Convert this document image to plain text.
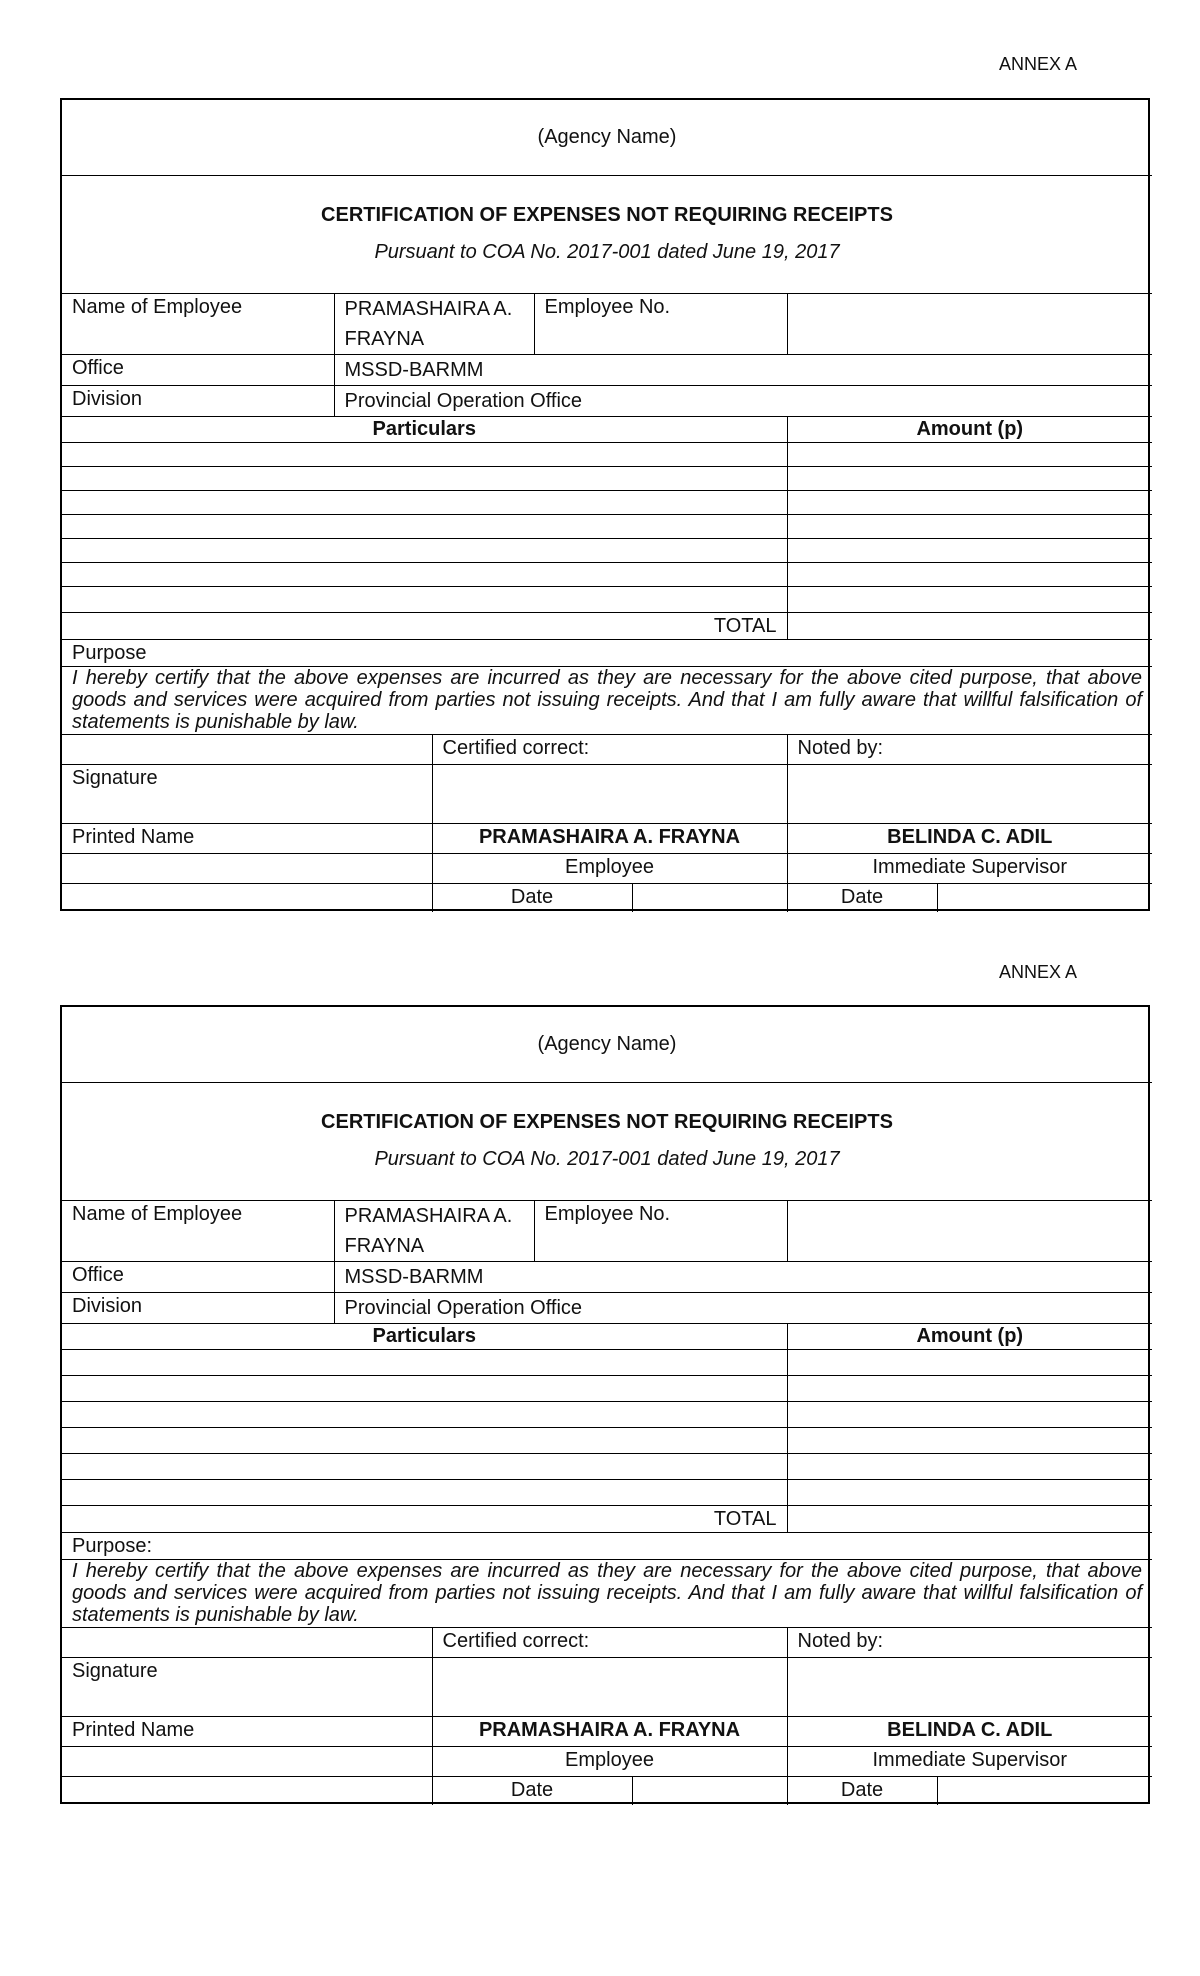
ANNEX A
(Agency Name)						

CERTIFICATION OF EXPENSES NOT REQUIRING RECEIPTS
Pursuant to COA No. 2017-001 dated June 19, 2017						

Name of Employee	PRAMASHAIRA A. FRAYNA		Employee No.			
Office	MSSD-BARMM					
Division	Provincial Operation Office					
Particulars					Amount (p)	

TOTAL						
Purpose						
I hereby certify that the above expenses are incurred as they are necessary for the above cited purpose, that above goods and services were acquired from parties not issuing receipts. And that I am fully aware that willful falsification of statements is punishable by law.						
		Certified correct:			Noted by:	
Signature						
Printed Name		PRAMASHAIRA A. FRAYNA			BELINDA C. ADIL	
		Employee			Immediate Supervisor	
		Date			Date	
ANNEX A
(Agency Name)						

CERTIFICATION OF EXPENSES NOT REQUIRING RECEIPTS
Pursuant to COA No. 2017-001 dated June 19, 2017						

Name of Employee	PRAMASHAIRA A. FRAYNA		Employee No.			
Office	MSSD-BARMM					
Division	Provincial Operation Office					
Particulars					Amount (p)	

TOTAL						
Purpose:						
I hereby certify that the above expenses are incurred as they are necessary for the above cited purpose, that above goods and services were acquired from parties not issuing receipts. And that I am fully aware that willful falsification of statements is punishable by law.						
		Certified correct:			Noted by:	
Signature						
Printed Name		PRAMASHAIRA A. FRAYNA			BELINDA C. ADIL	
		Employee			Immediate Supervisor	
		Date			Date	
